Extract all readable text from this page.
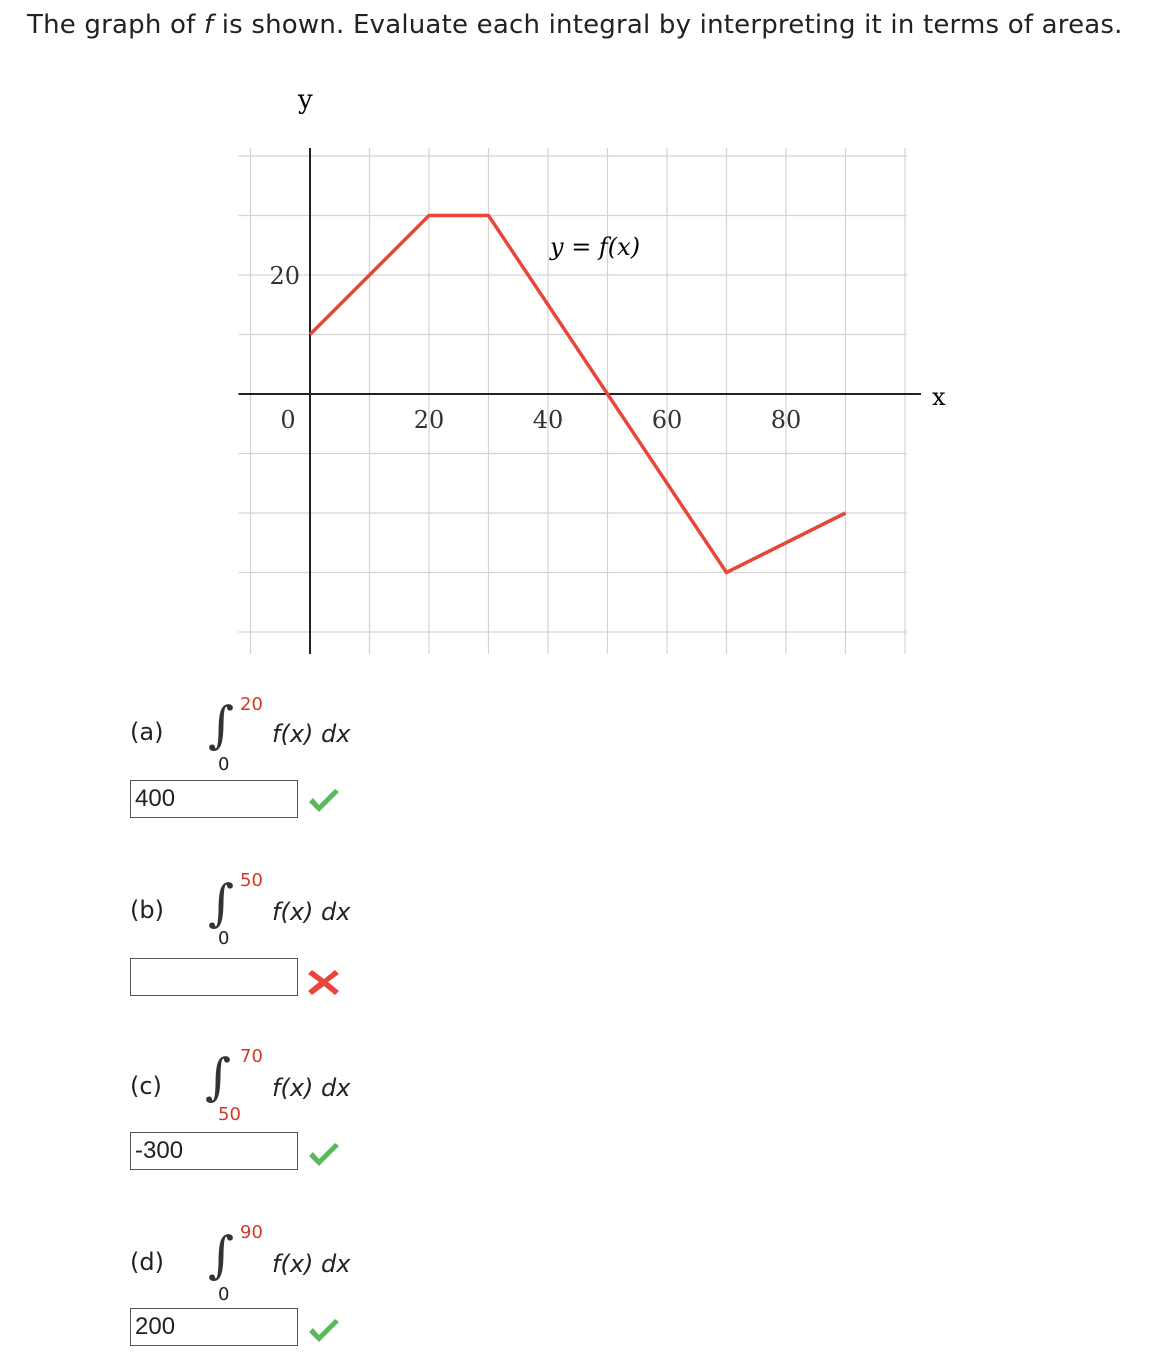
The graph of f is shown. Evaluate each integral by interpreting it in terms of areas.
20	40	60	80
20
0
y
x
y = f(x)
(a) ∫ 20
0
f(x) dx
400
(b) ∫ 50
0
f(x) dx
(c) ∫ 70
50
f(x) dx
-300
(d) ∫ 90
0
f(x) dx
200
